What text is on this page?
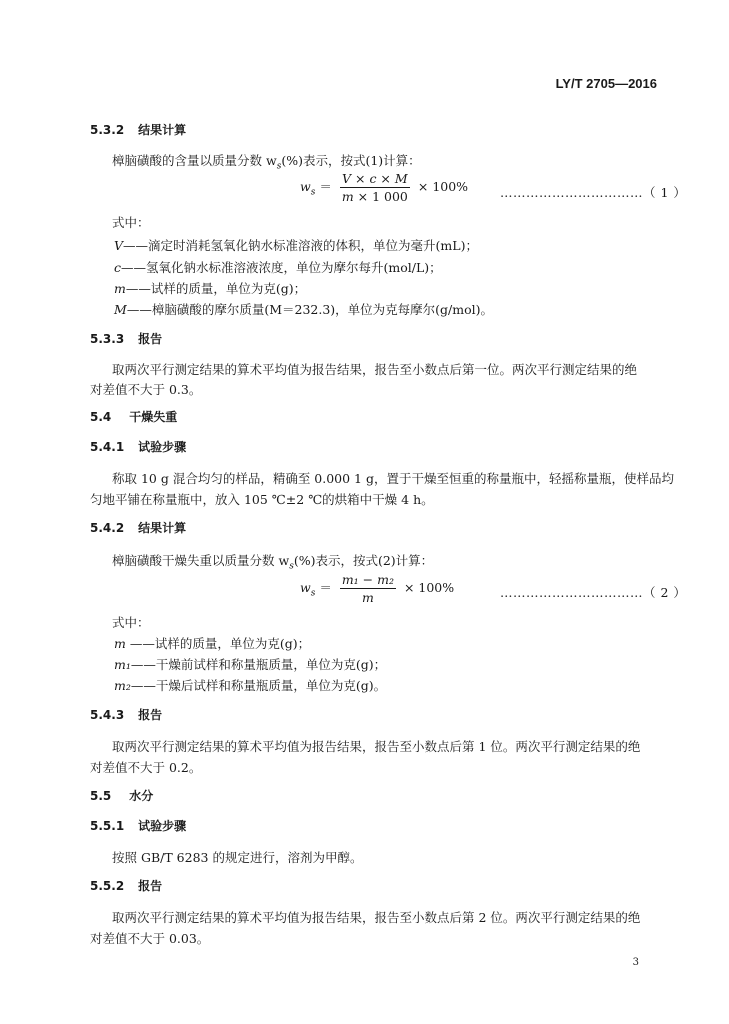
LY/T 2705—2016
5.3.2 结果计算
樟脑磺酸的含量以质量分数 $w_s(\%)$表示，按式(1)计算：
$w_s = \frac{V \times c \times M}{m \times 1 000} \times 100\%$	……………………………（ 1 ）
式中：
V——滴定时消耗氢氧化钠水标准溶液的体积，单位为毫升(mL)；
c——氢氧化钠水标准溶液浓度，单位为摩尔每升(mol/L)；
m——试样的质量，单位为克(g)；
M——樟脑磺酸的摩尔质量(M＝232.3)，单位为克每摩尔(g/mol)。
5.3.3 报告
取两次平行测定结果的算术平均值为报告结果，报告至小数点后第一位。两次平行测定结果的绝
对差值不大于 0.3。
5.4 干燥失重
5.4.1 试验步骤
称取 10 g 混合均匀的样品，精确至 0.000 1 g，置于干燥至恒重的称量瓶中，轻摇称量瓶，使样品均
匀地平铺在称量瓶中，放入 105 ℃±2 ℃的烘箱中干燥 4 h。
5.4.2 结果计算
樟脑磺酸干燥失重以质量分数 $w_s(\%)$表示，按式(2)计算：
$w_s = \frac{\text{m₁ − m₂}}{m} \times 100\%$	……………………………（ 2 ）
式中：
m ——试样的质量，单位为克(g)；
m₁——干燥前试样和称量瓶质量，单位为克(g)；
m₂——干燥后试样和称量瓶质量，单位为克(g)。
5.4.3 报告
取两次平行测定结果的算术平均值为报告结果，报告至小数点后第 1 位。两次平行测定结果的绝
对差值不大于 0.2。
5.5 水分
5.5.1 试验步骤
按照 GB/T 6283 的规定进行，溶剂为甲醇。
5.5.2 报告
取两次平行测定结果的算术平均值为报告结果，报告至小数点后第 2 位。两次平行测定结果的绝
对差值不大于 0.03。
3
